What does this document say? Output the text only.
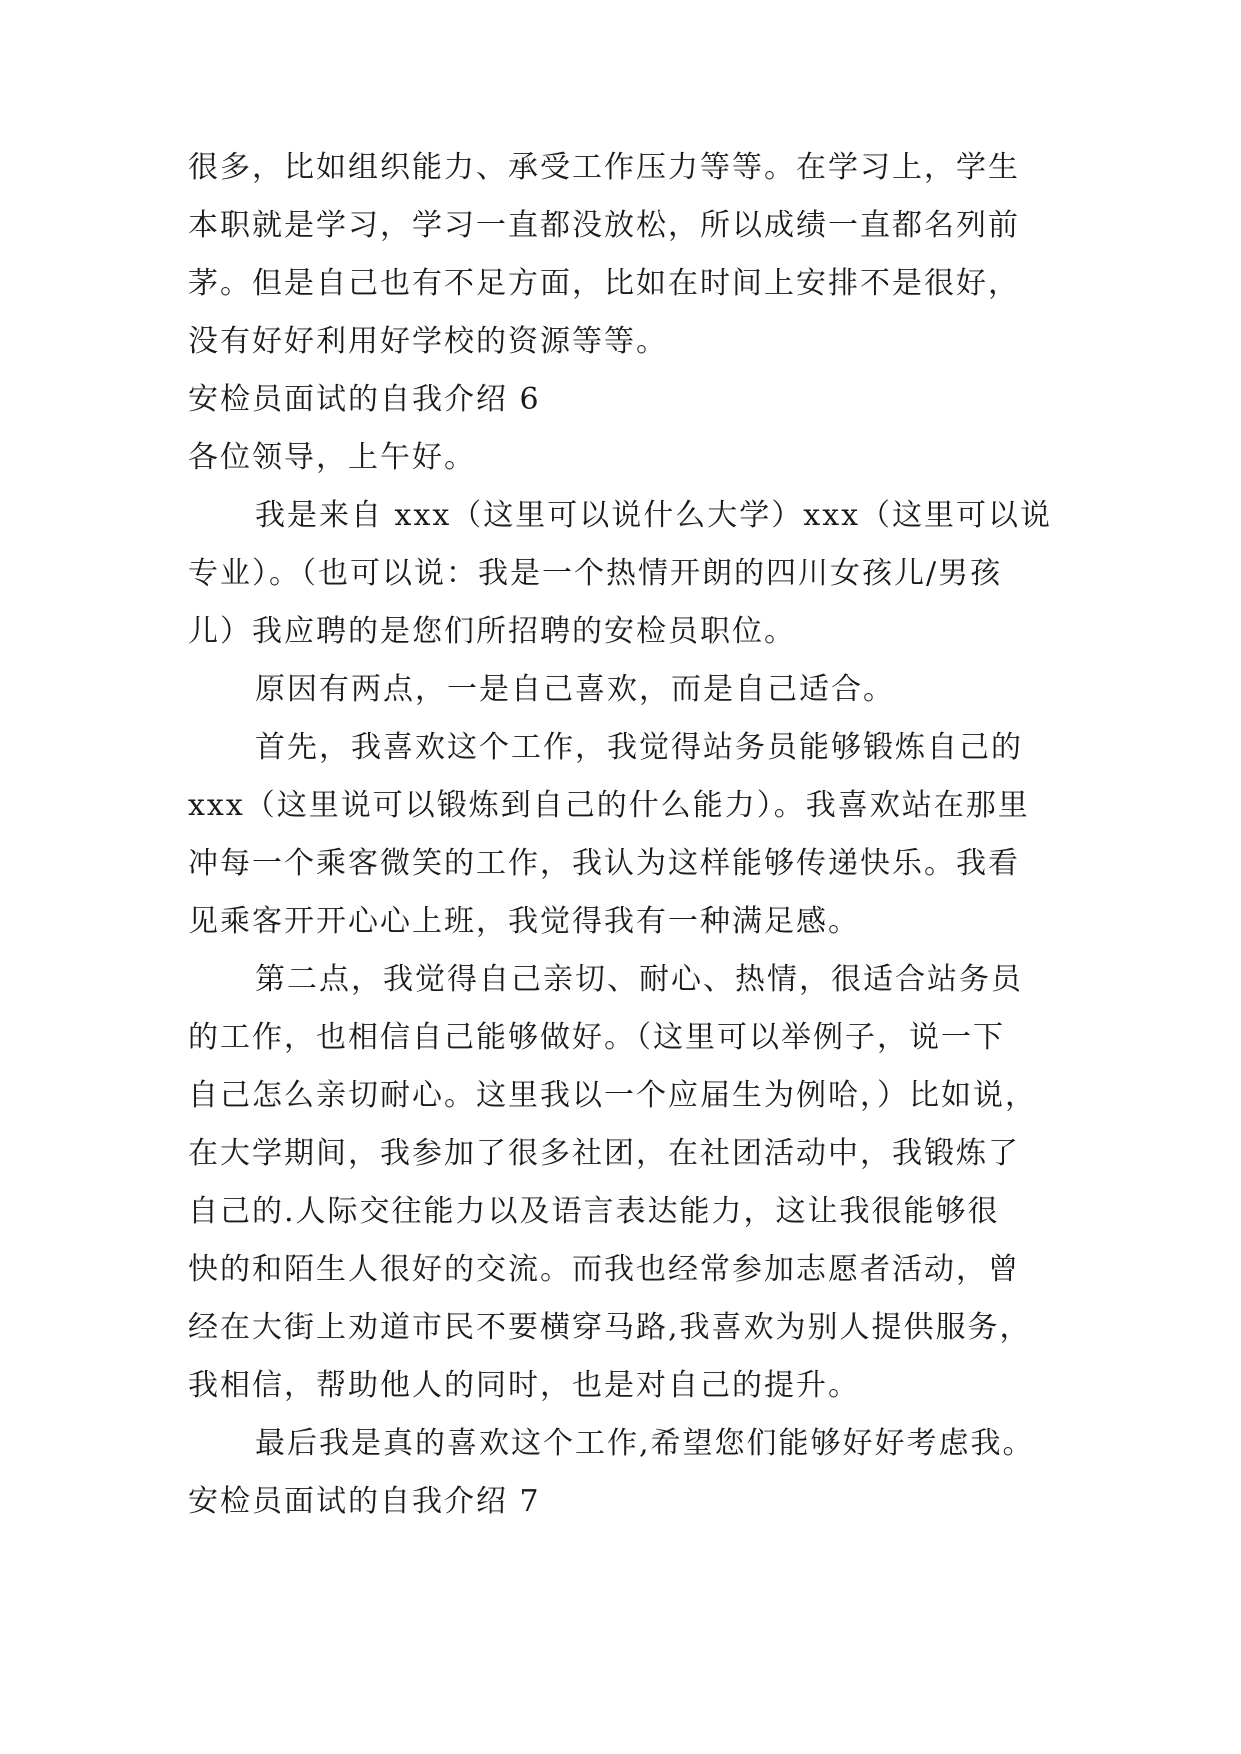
很多，比如组织能力、承受工作压力等等。在学习上，学生
本职就是学习，学习一直都没放松，所以成绩一直都名列前
茅。但是自己也有不足方面，比如在时间上安排不是很好，
没有好好利用好学校的资源等等。
安检员面试的自我介绍 6
各位领导，上午好。
我是来自 xxx（这里可以说什么大学）xxx（这里可以说
专业）。（也可以说：我是一个热情开朗的四川女孩儿/男孩
儿）我应聘的是您们所招聘的安检员职位。
原因有两点，一是自己喜欢，而是自己适合。
首先，我喜欢这个工作，我觉得站务员能够锻炼自己的
xxx（这里说可以锻炼到自己的什么能力）。我喜欢站在那里
冲每一个乘客微笑的工作，我认为这样能够传递快乐。我看
见乘客开开心心上班，我觉得我有一种满足感。
第二点，我觉得自己亲切、耐心、热情，很适合站务员
的工作，也相信自己能够做好。（这里可以举例子，说一下
自己怎么亲切耐心。这里我以一个应届生为例哈，）比如说，
在大学期间，我参加了很多社团，在社团活动中，我锻炼了
自己的.人际交往能力以及语言表达能力，这让我很能够很
快的和陌生人很好的交流。而我也经常参加志愿者活动，曾
经在大街上劝道市民不要横穿马路,我喜欢为别人提供服务，
我相信，帮助他人的同时，也是对自己的提升。
最后我是真的喜欢这个工作,希望您们能够好好考虑我。
安检员面试的自我介绍 7
